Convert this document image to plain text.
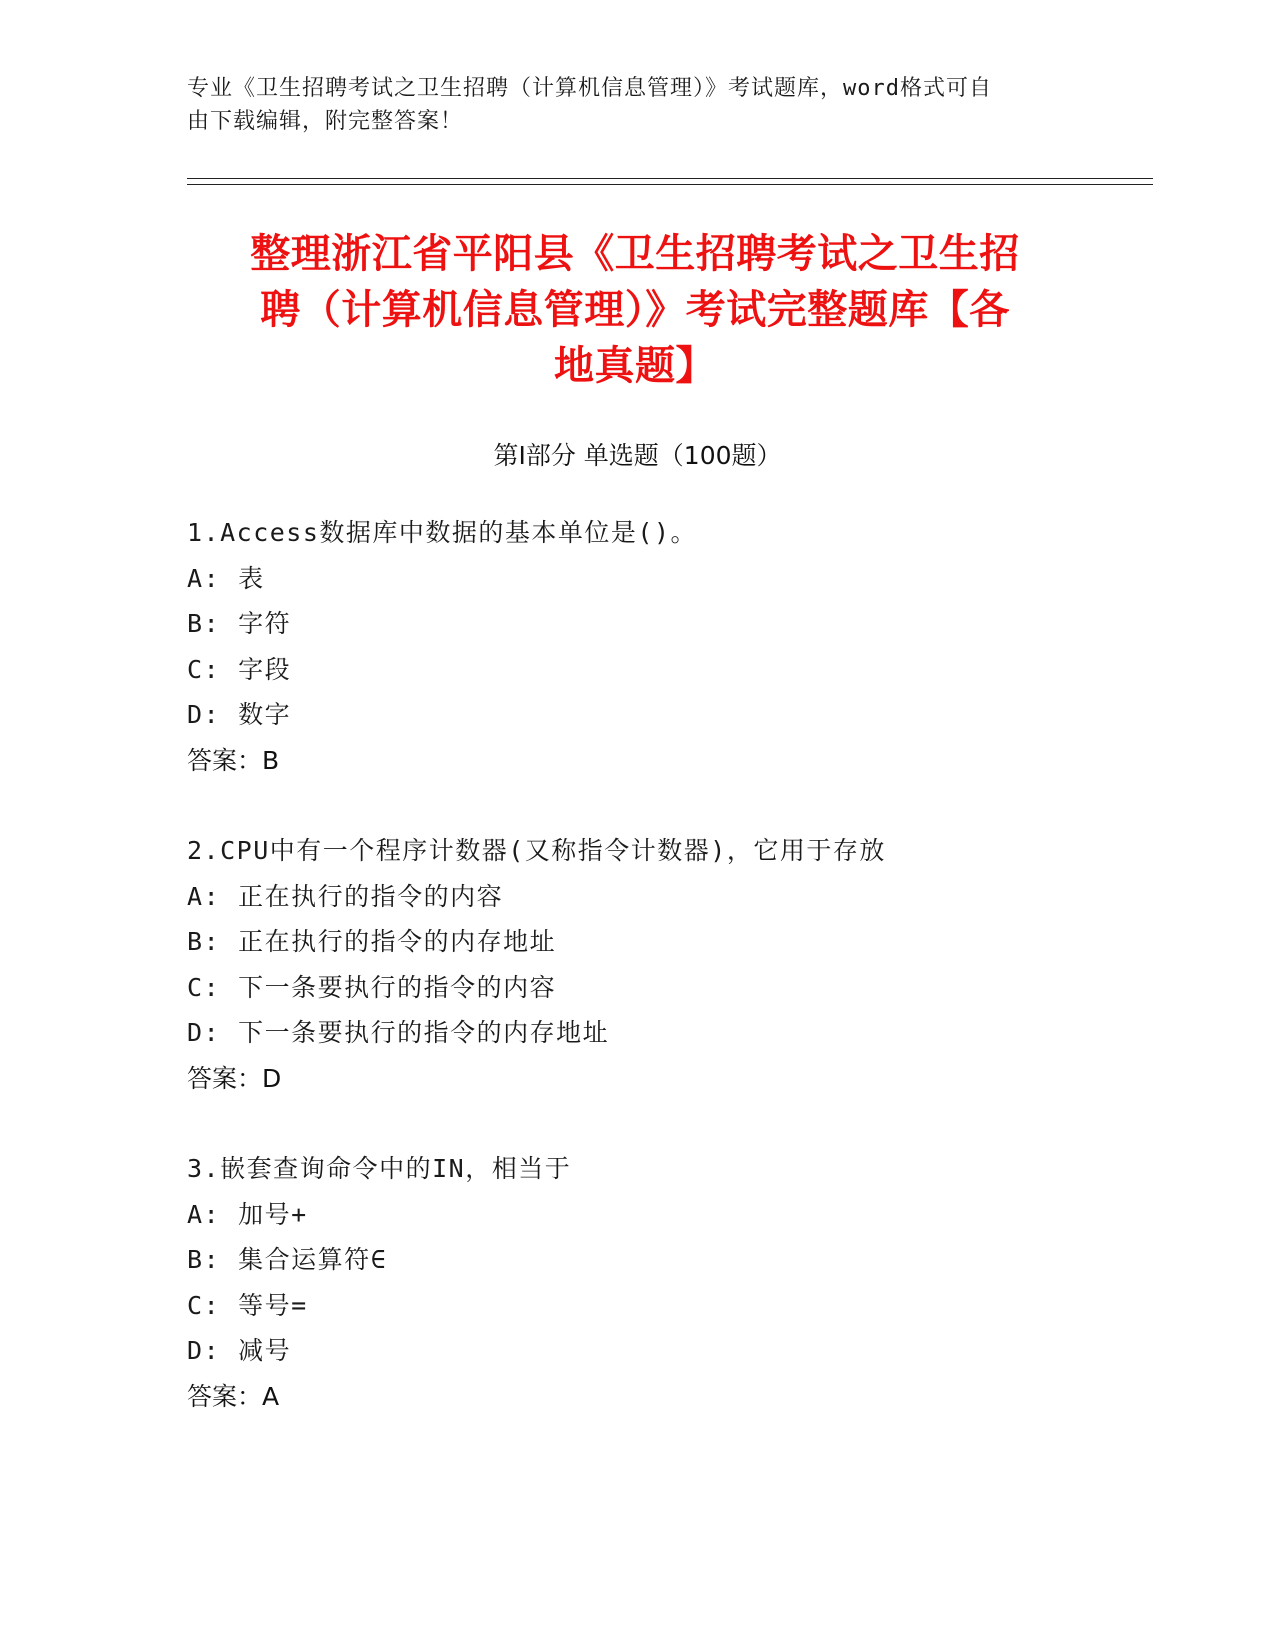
专业《卫生招聘考试之卫生招聘（计算机信息管理）》考试题库，word格式可自
由下载编辑，附完整答案！
整理浙江省平阳县《卫生招聘考试之卫生招
聘（计算机信息管理）》考试完整题库【各
地真题】
第Ⅰ部分 单选题（100题）
1.Access数据库中数据的基本单位是()。
A: 表
B: 字符
C: 字段
D: 数字
答案：B
2.CPU中有一个程序计数器(又称指令计数器)，它用于存放
A: 正在执行的指令的内容
B: 正在执行的指令的内存地址
C: 下一条要执行的指令的内容
D: 下一条要执行的指令的内存地址
答案：D
3.嵌套查询命令中的IN，相当于
A: 加号+
B: 集合运算符∈
C: 等号=
D: 减号
答案：A
